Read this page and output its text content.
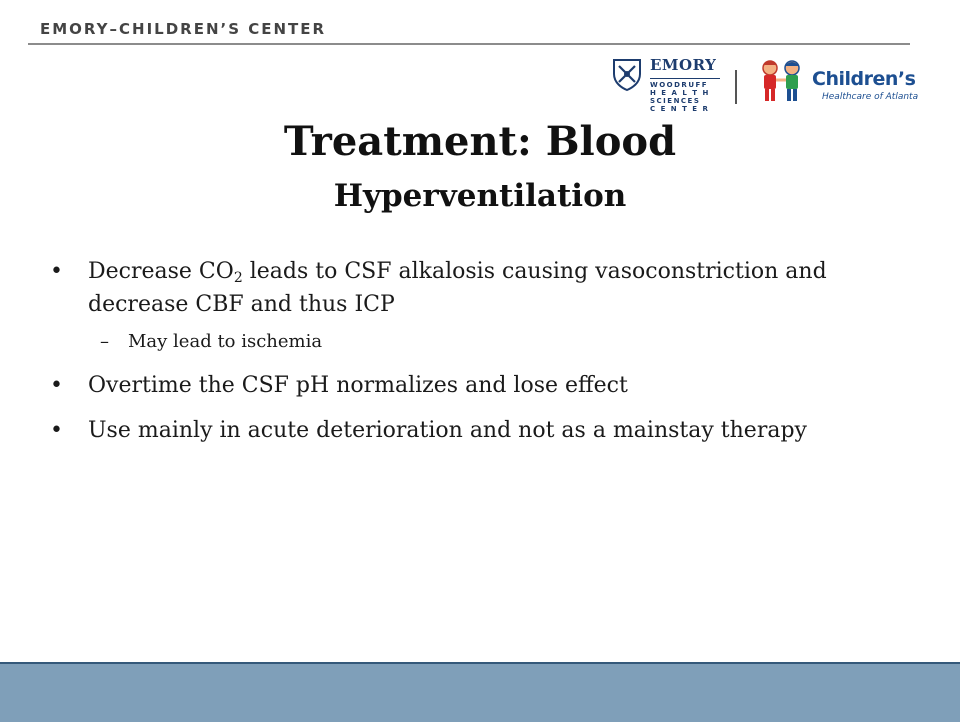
EMORY–CHILDREN’S CENTER
EMORY
WOODRUFF
H E A L T H
SCIENCES
C E N T E R
Children’s
Healthcare of Atlanta
Treatment: Blood
Hyperventilation
• Decrease $CO_2$ leads to CSF alkalosis causing vasoconstriction and decrease CBF and thus ICP
– May lead to ischemia
• Overtime the CSF pH normalizes and lose effect
• Use mainly in acute deterioration and not as a mainstay therapy
